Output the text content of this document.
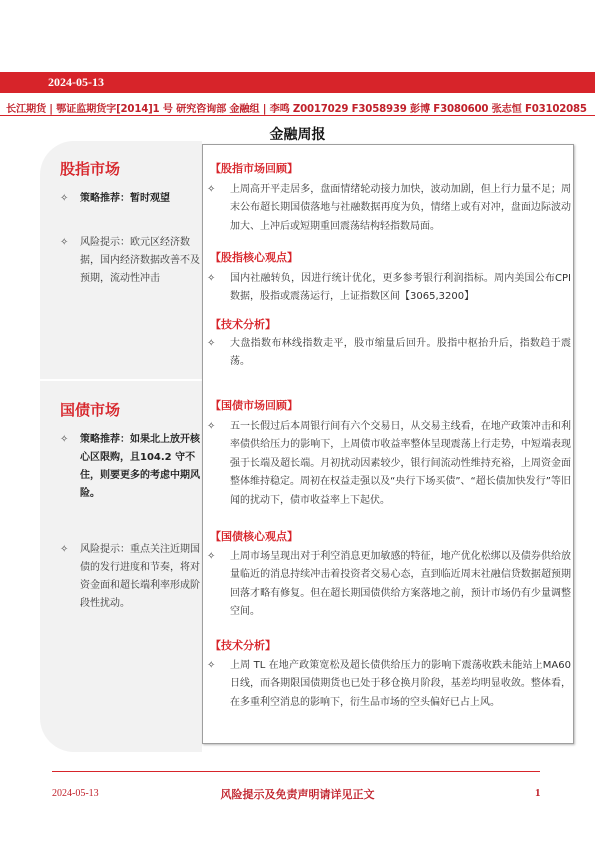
2024-05-13
长江期货 | 鄂证监期货字[2014]1 号 研究咨询部 金融组 | 李鸣 Z0017029 F3058939 彭博 F3080600 张志恒 F03102085
金融周报
股指市场
✧ 策略推荐：暂时观望
✧ 风险提示：欧元区经济数据，国内经济数据改善不及预期，流动性冲击
国债市场
✧ 策略推荐：如果北上放开核心区限购，且104.2 守不住，则要更多的考虑中期风险。
✧ 风险提示：重点关注近期国债的发行进度和节奏，将对资金面和超长端利率形成阶段性扰动。
【股指市场回顾】
✧ 上周高开平走居多，盘面情绪轮动接力加快，波动加剧，但上行力量不足；周末公布超长期国债落地与社融数据再度为负，情绪上或有对冲，盘面边际波动加大、上冲后或短期重回震荡结构轻指数局面。
【股指核心观点】
✧ 国内社融转负，因进行统计优化，更多参考银行利润指标。周内美国公布CPI 数据，股指或震荡运行，上证指数区间【3065,3200】
【技术分析】
✧ 大盘指数布林线指数走平，股市缩量后回升。股指中枢抬升后，指数趋于震荡。
【国债市场回顾】
✧ 五一长假过后本周银行间有六个交易日，从交易主线看，在地产政策冲击和利率债供给压力的影响下，上周债市收益率整体呈现震荡上行走势，中短端表现强于长端及超长端。月初扰动因素较少，银行间流动性维持充裕，上周资金面整体维持稳定。周初在权益走强以及“央行下场买债”、“超长债加快发行”等旧闻的扰动下，债市收益率上下起伏。
【国债核心观点】
✧ 上周市场呈现出对于利空消息更加敏感的特征，地产优化松绑以及债券供给放量临近的消息持续冲击着投资者交易心态，直到临近周末社融信贷数据超预期回落才略有修复。但在超长期国债供给方案落地之前，预计市场仍有少量调整空间。
【技术分析】
✧ 上周 TL 在地产政策宽松及超长债供给压力的影响下震荡收跌未能站上MA60 日线，而各期限国债期货也已处于移仓换月阶段，基差均明显收敛。整体看，在多重利空消息的影响下，衍生品市场的空头偏好已占上风。
2024-05-13	风险提示及免责声明请详见正文	1
